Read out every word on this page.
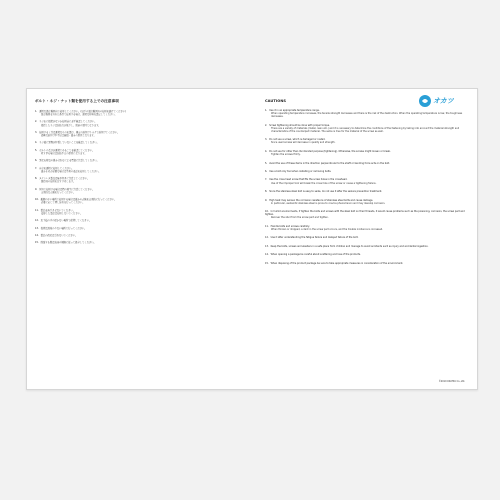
ボルト・ネジ・ナット類を使用する上での注意事項
1. 適切な温度範囲内で使用してください。(以下の温度範囲外の使用を避けてください)
温度範囲を外れた条件で使用する場合、適切な材料を選定してください。
2. ネジ山に損傷がないか使用前に必ず確認してください。
損傷したネジは締結力が低下し、脱落の原因となります。
3. 使用する工具は適切なものを選び、規定の締付けトルクで締付けてください。
過剰な締付けや不足は破損・緩みの原因となります。
4. ネジ部に異物が付着していないことを確認してください。
5. ボルトの長さが適切であることを確認してください。
短すぎる場合は締結不良の原因になります。
6. 異なる材質の組み合わせによる電食に注意してください。
7. 座金を適切に使用してください。
緩み止めが必要な場合は専用の部品を使用してください。
8. ステンレス製品は焼き付きに注意してください。
潤滑剤の使用をおすすめします。
9. 屋外で使用する場合は錆の発生に注意してください。
定期的な点検を行ってください。
10. 振動の多い場所で使用する場合は緩みの点検を定期的に行ってください。
必要に応じて増し締めを行ってください。
11. 製品を落下させないでください。
変形した製品は使用しないでください。
12. お子様の手の届かない場所で保管してください。
13. 保管は湿気の少ない場所で行ってください。
14. 製品の改造は行わないでください。
15. 廃棄する際は地域の規則に従って処分してください。
CAUTIONS
1. Use it in an appropriate temperature range.
When operating temperature increases, the tensile strength decreases and there is the risk of the destruction. When the operating temperature is low, the toughness decreases.
2. Screw tightening should be done with proper torque.
There are a variety of materials (metal, resin etc.) and it is necessary to determine the conditions of the fastening by taking into account the material strength and characteristics of the counterpart material. The same is true for the material of the screw as well.
3. Do not use a screw, which is damaged or rusted.
Since used screws will decrease in quality and strength.
4. Do not use for other than its intended purpose (tightening). Otherwise, the screws might loosen or break.
Tighten the screws firmly.
5. Avoid the use of these items in the direction perpendicular to the shaft or bending force acts on the bolt.
6. Use a bolt only tool when installing or removing bolts.
7. Use the cross head screw that fits the screw holes in the crosshead.
Use of the improper tool will break the cross hole of the screw or cause a tightening failure.
8. Since the stainless steel bolt is easy to seize, do not use it after the seizure prevention treatment.
9. High heat may worsen the corrosion resistance of stainless steel bolts and cause damage.
In particular, austenitic stainless steel is prone to crevice phenomenon and may develop corrosion.
10. In humid environments, if tighten the bolts and screws with the steel bolt on their threads, it would cause problems such as the poisoning, corrosion, the screw part and tighten.
Recover the stud from the screw part and tighten.
11. Handle bolts and screws carefully.
When thrown or dropped, a dent in the screw part occurs, and the trouble incidence is increased.
12. Use it after understanding the fatigue failure and delayed failure of the bolt.
13. Keep the bolts, screws and washers in a safe place from children and manage to avoid accidents such as injury and accidental ingestion.
14. When opening a package be careful about scattering and loss of the products.
15. When disposing of the product package be sure to take appropriate measures in consideration of the environment.
オカツ
©2019 OKATSU Co.,Ltd.
